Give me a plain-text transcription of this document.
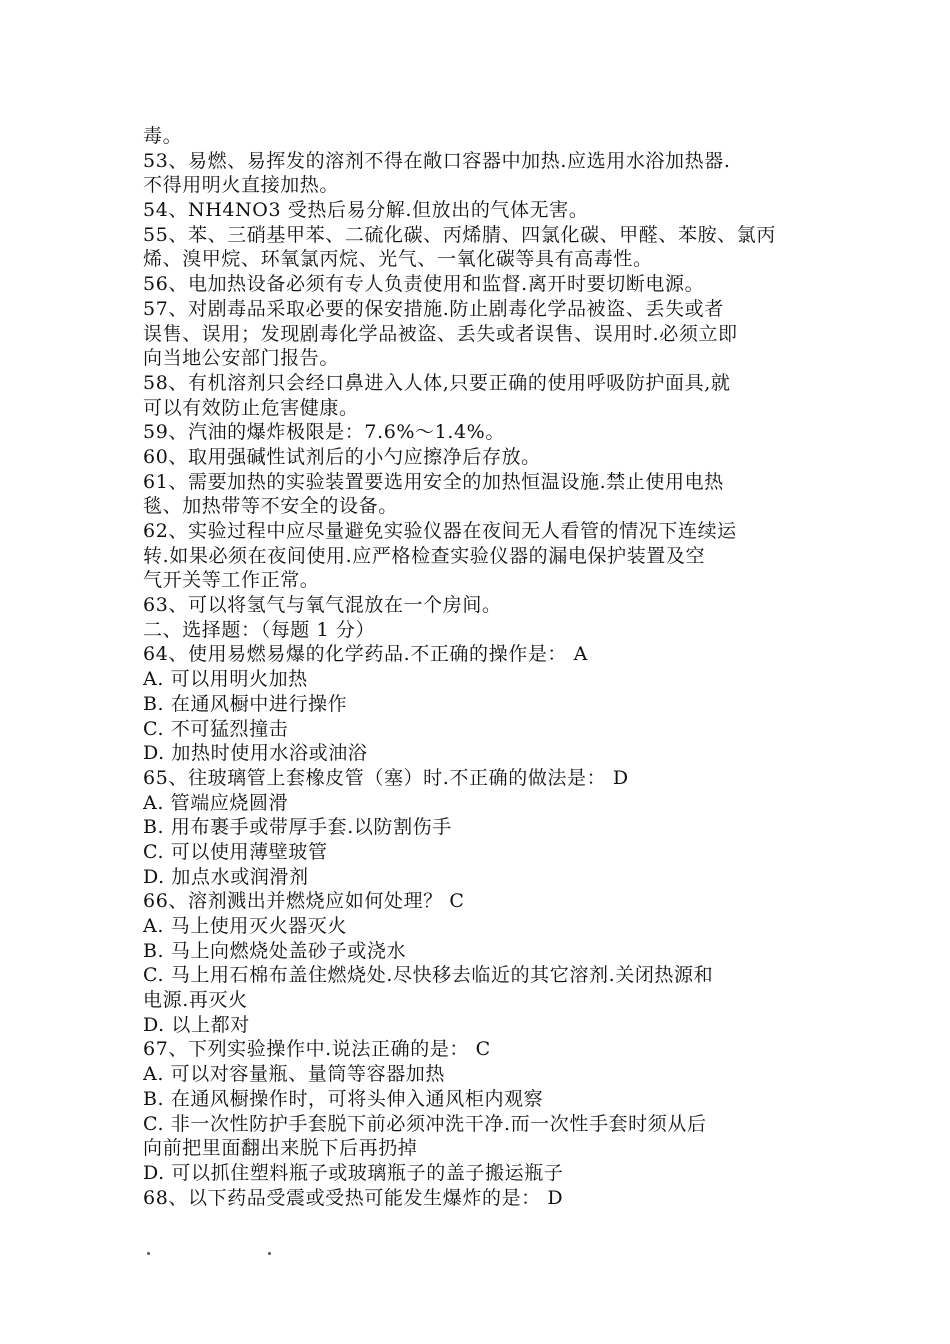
毒。
53、易燃、易挥发的溶剂不得在敞口容器中加热.应选用水浴加热器.
不得用明火直接加热。
54、NH4NO3 受热后易分解.但放出的气体无害。
55、苯、三硝基甲苯、二硫化碳、丙烯腈、四氯化碳、甲醛、苯胺、氯丙
烯、溴甲烷、环氧氯丙烷、光气、一氧化碳等具有高毒性。
56、电加热设备必须有专人负责使用和监督.离开时要切断电源。
57、对剧毒品采取必要的保安措施.防止剧毒化学品被盗、丢失或者
误售、误用；发现剧毒化学品被盗、丢失或者误售、误用时.必须立即
向当地公安部门报告。
58、有机溶剂只会经口鼻进入人体,只要正确的使用呼吸防护面具,就
可以有效防止危害健康。
59、汽油的爆炸极限是：7.6%～1.4%。
60、取用强碱性试剂后的小勺应擦净后存放。
61、需要加热的实验装置要选用安全的加热恒温设施.禁止使用电热
毯、加热带等不安全的设备。
62、实验过程中应尽量避免实验仪器在夜间无人看管的情况下连续运
转.如果必须在夜间使用.应严格检查实验仪器的漏电保护装置及空
气开关等工作正常。
63、可以将氢气与氧气混放在一个房间。
二、选择题：（每题 1 分）
64、使用易燃易爆的化学药品.不正确的操作是： A
A. 可以用明火加热
B. 在通风橱中进行操作
C. 不可猛烈撞击
D. 加热时使用水浴或油浴
65、往玻璃管上套橡皮管（塞）时.不正确的做法是： D
A. 管端应烧圆滑
B. 用布裹手或带厚手套.以防割伤手
C. 可以使用薄壁玻管
D. 加点水或润滑剂
66、溶剂溅出并燃烧应如何处理？ C
A. 马上使用灭火器灭火
B. 马上向燃烧处盖砂子或浇水
C. 马上用石棉布盖住燃烧处.尽快移去临近的其它溶剂.关闭热源和
电源.再灭火
D. 以上都对
67、下列实验操作中.说法正确的是： C
A. 可以对容量瓶、量筒等容器加热
B. 在通风橱操作时，可将头伸入通风柜内观察
C. 非一次性防护手套脱下前必须冲洗干净.而一次性手套时须从后
向前把里面翻出来脱下后再扔掉
D. 可以抓住塑料瓶子或玻璃瓶子的盖子搬运瓶子
68、以下药品受震或受热可能发生爆炸的是： D
